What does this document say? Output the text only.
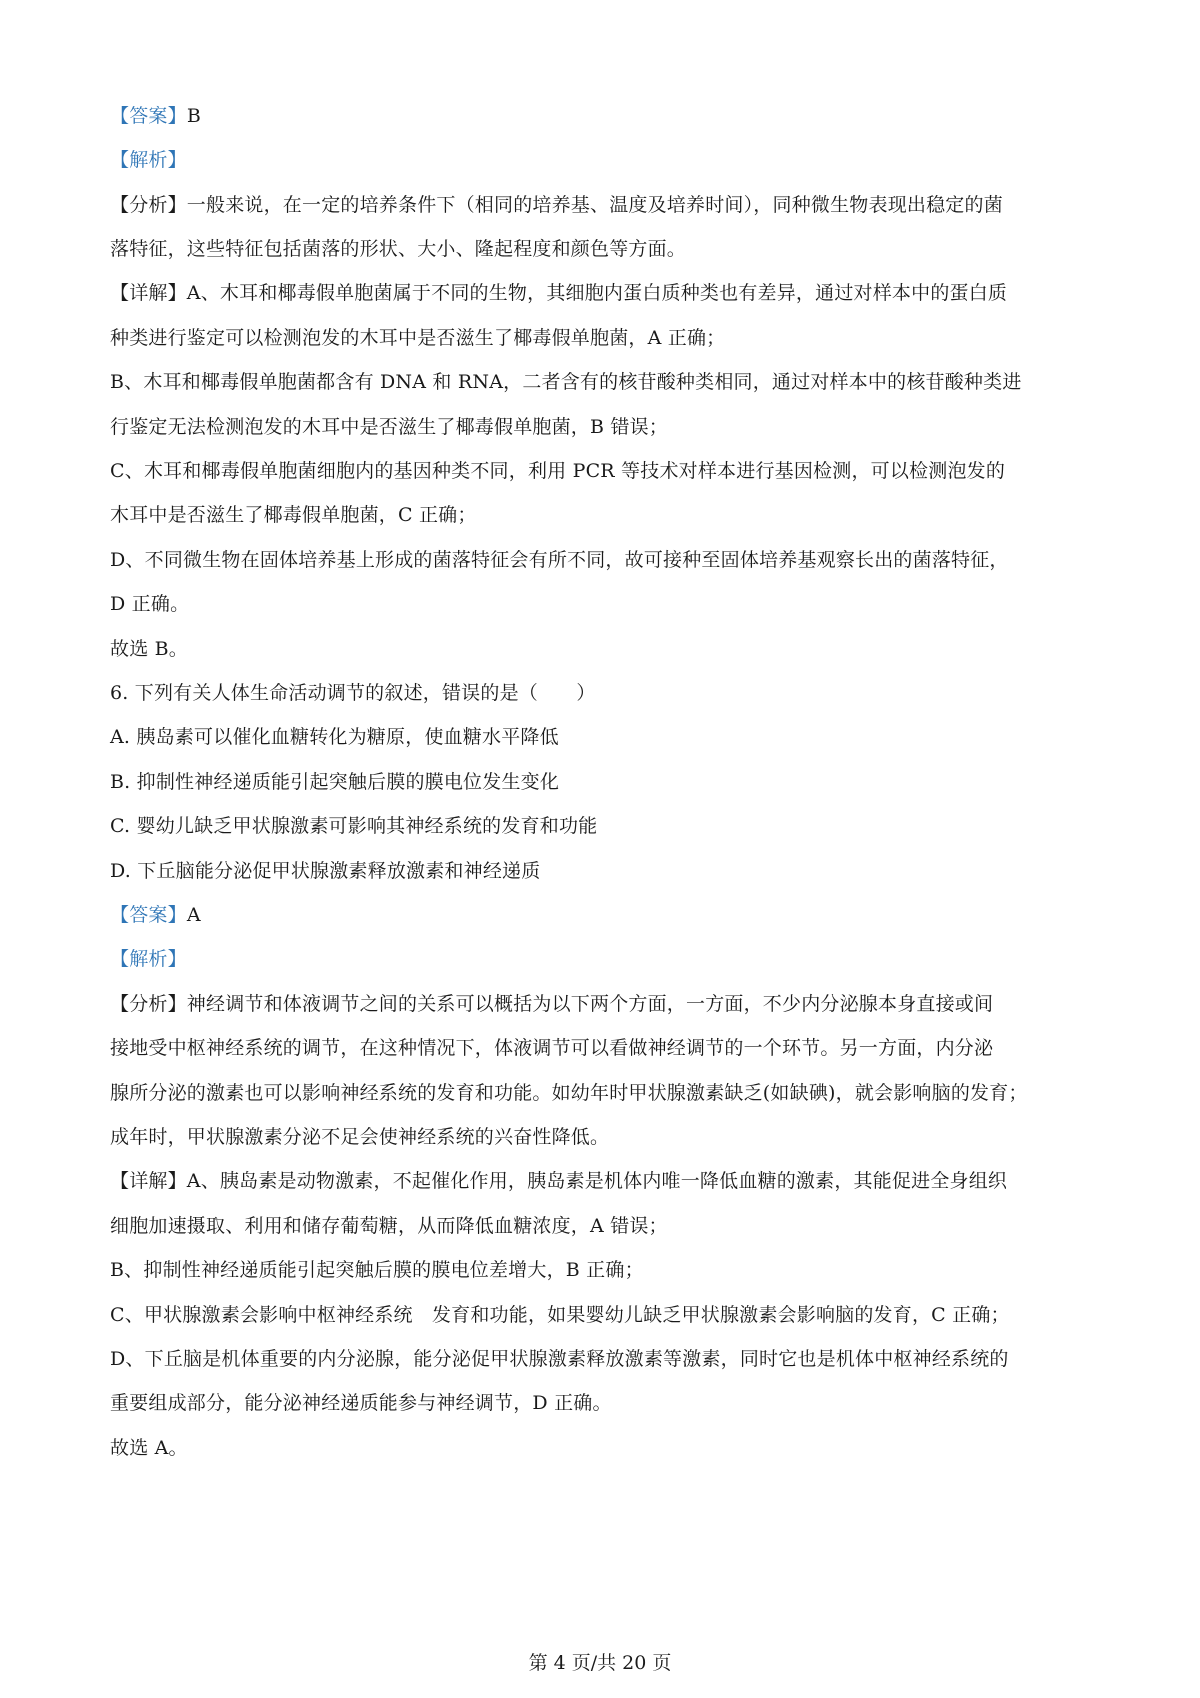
【答案】B
【解析】
【分析】一般来说，在一定的培养条件下（相同的培养基、温度及培养时间），同种微生物表现出稳定的菌
落特征，这些特征包括菌落的形状、大小、隆起程度和颜色等方面。
【详解】A、木耳和椰毒假单胞菌属于不同的生物，其细胞内蛋白质种类也有差异，通过对样本中的蛋白质
种类进行鉴定可以检测泡发的木耳中是否滋生了椰毒假单胞菌，A 正确；
B、木耳和椰毒假单胞菌都含有 DNA 和 RNA，二者含有的核苷酸种类相同，通过对样本中的核苷酸种类进
行鉴定无法检测泡发的木耳中是否滋生了椰毒假单胞菌，B 错误；
C、木耳和椰毒假单胞菌细胞内的基因种类不同，利用 PCR 等技术对样本进行基因检测，可以检测泡发的
木耳中是否滋生了椰毒假单胞菌，C 正确；
D、不同微生物在固体培养基上形成的菌落特征会有所不同，故可接种至固体培养基观察长出的菌落特征，
D 正确。
故选 B。
6. 下列有关人体生命活动调节的叙述，错误的是（　　）
A. 胰岛素可以催化血糖转化为糖原，使血糖水平降低
B. 抑制性神经递质能引起突触后膜的膜电位发生变化
C. 婴幼儿缺乏甲状腺激素可影响其神经系统的发育和功能
D. 下丘脑能分泌促甲状腺激素释放激素和神经递质
【答案】A
【解析】
【分析】神经调节和体液调节之间的关系可以概括为以下两个方面，一方面，不少内分泌腺本身直接或间
接地受中枢神经系统的调节，在这种情况下，体液调节可以看做神经调节的一个环节。另一方面，内分泌
腺所分泌的激素也可以影响神经系统的发育和功能。如幼年时甲状腺激素缺乏(如缺碘)，就会影响脑的发育；
成年时，甲状腺激素分泌不足会使神经系统的兴奋性降低。
【详解】A、胰岛素是动物激素，不起催化作用，胰岛素是机体内唯一降低血糖的激素，其能促进全身组织
细胞加速摄取、利用和储存葡萄糖，从而降低血糖浓度，A 错误；
B、抑制性神经递质能引起突触后膜的膜电位差增大，B 正确；
C、甲状腺激素会影响中枢神经系统　发育和功能，如果婴幼儿缺乏甲状腺激素会影响脑的发育，C 正确；
D、下丘脑是机体重要的内分泌腺，能分泌促甲状腺激素释放激素等激素，同时它也是机体中枢神经系统的
重要组成部分，能分泌神经递质能参与神经调节，D 正确。
故选 A。
第 4 页/共 20 页
